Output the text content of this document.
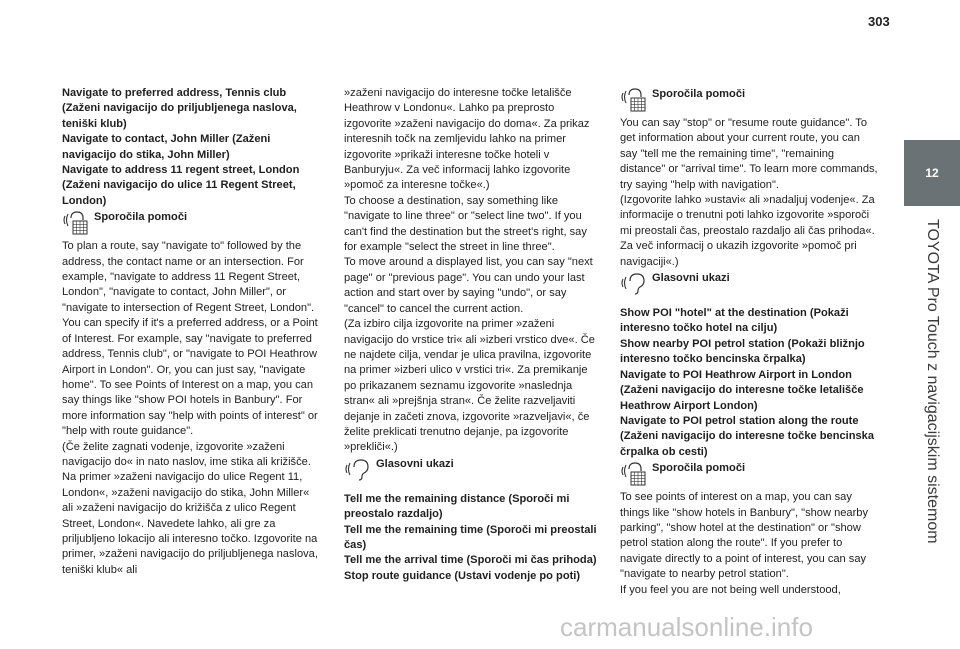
303
12
TOYOTA Pro Touch z navigacijskim sistemom

Navigate to preferred address, Tennis club (Zaženi navigacijo do priljubljenega naslova, teniški klub)
Navigate to contact, John Miller (Zaženi navigacijo do stika, John Miller)
Navigate to address 11 regent street, London (Zaženi navigacijo do ulice 11 Regent Street, London)

Sporočila pomoči

To plan a route, say "navigate to" followed by the address, the contact name or an intersection. For example, "navigate to address 11 Regent Street, London", "navigate to contact, John Miller", or "navigate to intersection of Regent Street, London". You can specify if it's a preferred address, or a Point of Interest. For example, say "navigate to preferred address, Tennis club", or "navigate to POI Heathrow Airport in London". Or, you can just say, "navigate home". To see Points of Interest on a map, you can say things like "show POI hotels in Banbury". For more information say "help with points of interest" or "help with route guidance".
(Če želite zagnati vodenje, izgovorite »zaženi navigacijo do« in nato naslov, ime stika ali križišče. Na primer »zaženi navigacijo do ulice Regent 11, London«, »zaženi navigacijo do stika, John Miller« ali »zaženi navigacijo do križišča z ulico Regent Street, London«. Navedete lahko, ali gre za priljubljeno lokacijo ali interesno točko. Izgovorite na primer, »zaženi navigacijo do priljubljenega naslova, teniški klub« ali

»zaženi navigacijo do interesne točke letališče Heathrow v Londonu«. Lahko pa preprosto izgovorite »zaženi navigacijo do doma«. Za prikaz interesnih točk na zemljevidu lahko na primer izgovorite »prikaži interesne točke hoteli v Banburyju«. Za več informacij lahko izgovorite »pomoč za interesne točke«.)
To choose a destination, say something like "navigate to line three" or "select line two". If you can't find the destination but the street's right, say for example "select the street in line three".
To move around a displayed list, you can say "next page" or "previous page". You can undo your last action and start over by saying "undo", or say "cancel" to cancel the current action.
(Za izbiro cilja izgovorite na primer »zaženi navigacijo do vrstice tri« ali »izberi vrstico dve«. Če ne najdete cilja, vendar je ulica pravilna, izgovorite na primer »izberi ulico v vrstici tri«. Za premikanje po prikazanem seznamu izgovorite »naslednja stran« ali »prejšnja stran«. Če želite razveljaviti dejanje in začeti znova, izgovorite »razveljavi«, če želite preklicati trenutno dejanje, pa izgovorite »prekliči«.)

Glasovni ukazi

Tell me the remaining distance (Sporoči mi preostalo razdaljo)
Tell me the remaining time (Sporoči mi preostali čas)
Tell me the arrival time (Sporoči mi čas prihoda)
Stop route guidance (Ustavi vodenje po poti)

Sporočila pomoči

You can say "stop" or "resume route guidance". To get information about your current route, you can say "tell me the remaining time", "remaining distance" or "arrival time". To learn more commands, try saying "help with navigation".
(Izgovorite lahko »ustavi« ali »nadaljuj vodenje«. Za informacije o trenutni poti lahko izgovorite »sporoči mi preostali čas, preostalo razdaljo ali čas prihoda«. Za več informacij o ukazih izgovorite »pomoč pri navigaciji«.)

Glasovni ukazi

Show POI "hotel" at the destination (Pokaži interesno točko hotel na cilju)
Show nearby POI petrol station (Pokaži bližnjo interesno točko bencinska črpalka)
Navigate to POI Heathrow Airport in London (Zaženi navigacijo do interesne točke letališče Heathrow Airport London)
Navigate to POI petrol station along the route (Zaženi navigacijo do interesne točke bencinska črpalka ob cesti)

Sporočila pomoči

To see points of interest on a map, you can say things like "show hotels in Banbury", "show nearby parking", "show hotel at the destination" or "show petrol station along the route". If you prefer to navigate directly to a point of interest, you can say "navigate to nearby petrol station".
If you feel you are not being well understood,

carmanualsonline.info
